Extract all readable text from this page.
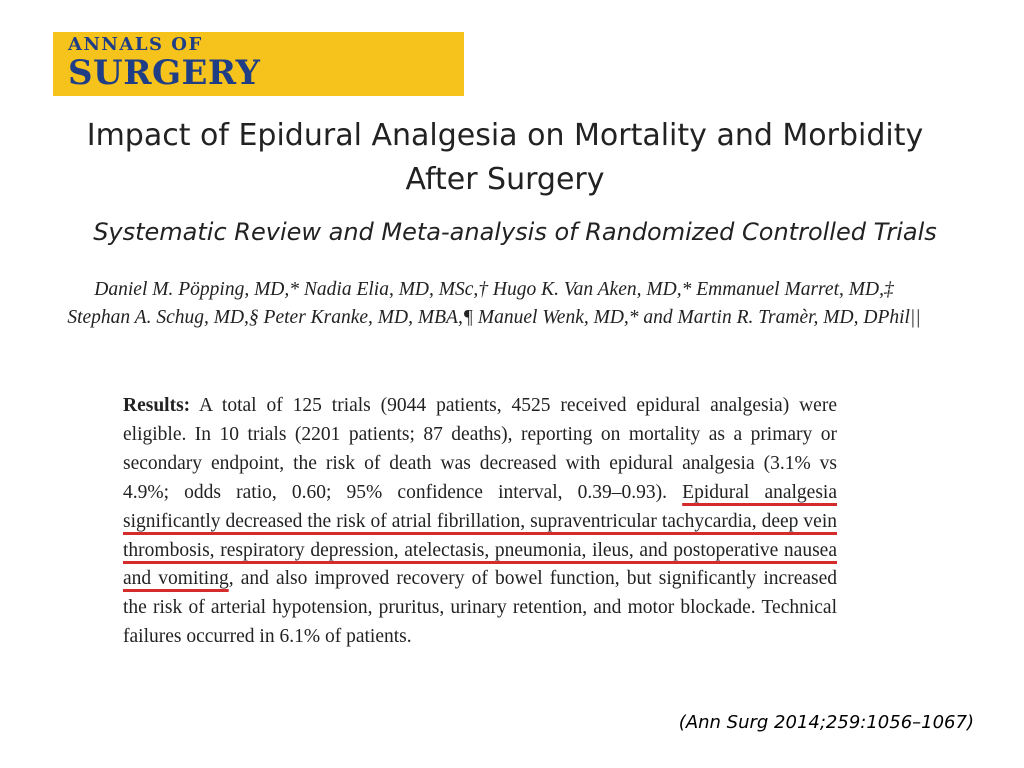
ANNALS OF
SURGERY
Impact of Epidural Analgesia on Mortality and Morbidity
After Surgery
Systematic Review and Meta-analysis of Randomized Controlled Trials
Daniel M. Pöpping, MD,* Nadia Elia, MD, MSc,† Hugo K. Van Aken, MD,* Emmanuel Marret, MD,‡
Stephan A. Schug, MD,§ Peter Kranke, MD, MBA,¶ Manuel Wenk, MD,* and Martin R. Tramèr, MD, DPhil||
Results: A total of 125 trials (9044 patients, 4525 received epidural analgesia) were eligible. In 10 trials (2201 patients; 87 deaths), reporting on mortality as a primary or secondary endpoint, the risk of death was decreased with epidural analgesia (3.1% vs 4.9%; odds ratio, 0.60; 95% confidence interval, 0.39–0.93). Epidural analgesia significantly decreased the risk of atrial fibrillation, supraventricular tachycardia, deep vein thrombosis, respiratory depression, atelectasis, pneumonia, ileus, and postoperative nausea and vomiting, and also improved recovery of bowel function, but significantly increased the risk of arterial hypotension, pruritus, urinary retention, and motor blockade. Technical failures occurred in 6.1% of patients.
(Ann Surg 2014;259:1056–1067)
